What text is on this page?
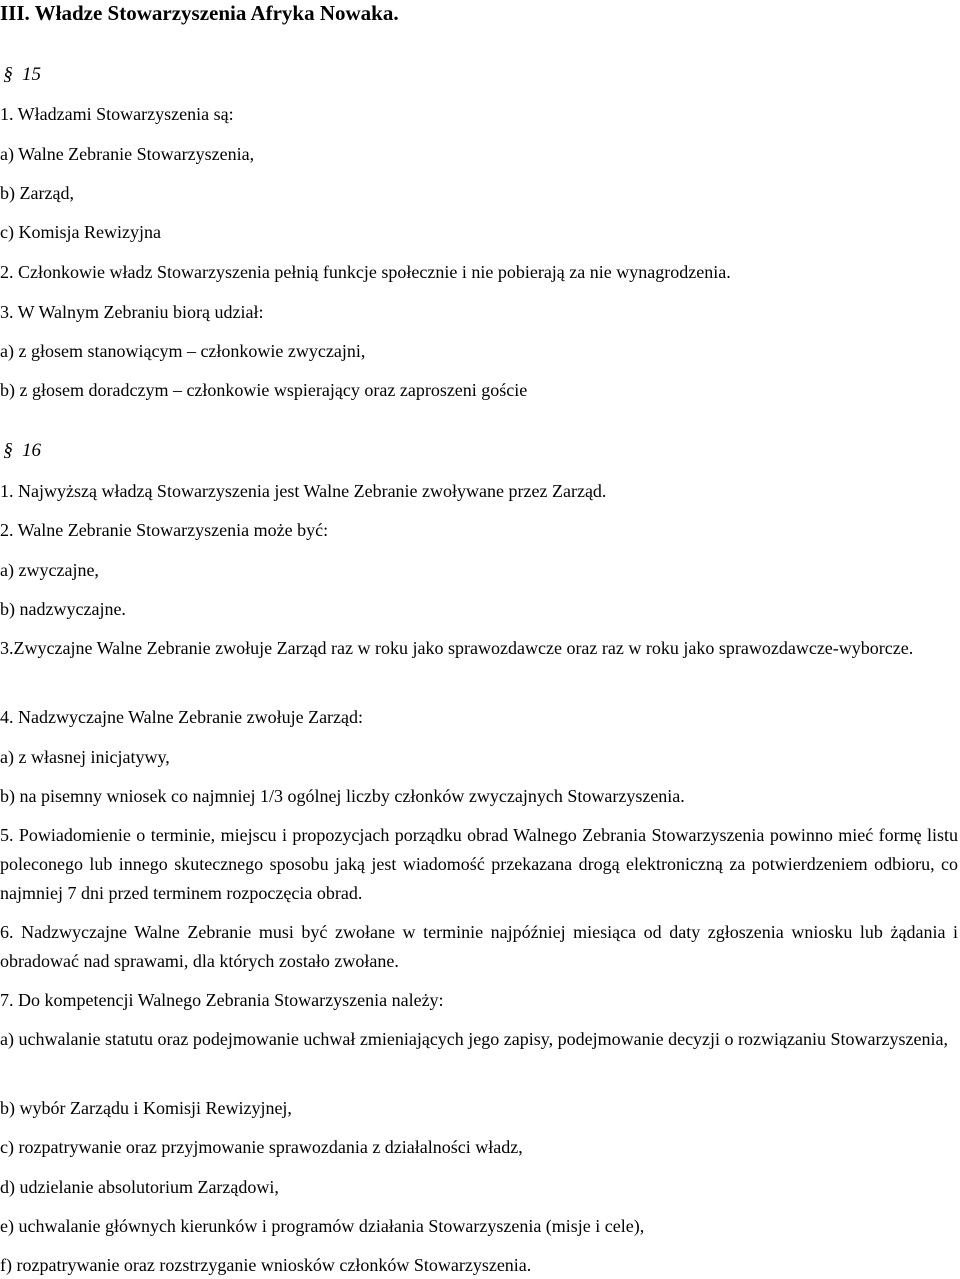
III. Władze Stowarzyszenia Afryka Nowaka.
§ 15
1. Władzami Stowarzyszenia są:
a) Walne Zebranie Stowarzyszenia,
b) Zarząd,
c) Komisja Rewizyjna
2. Członkowie władz Stowarzyszenia pełnią funkcje społecznie i nie pobierają za nie wynagrodzenia.
3. W Walnym Zebraniu biorą udział:
a) z głosem stanowiącym – członkowie zwyczajni,
b) z głosem doradczym – członkowie wspierający oraz zaproszeni goście
§ 16
1. Najwyższą władzą Stowarzyszenia jest Walne Zebranie zwoływane przez Zarząd.
2. Walne Zebranie Stowarzyszenia może być:
a) zwyczajne,
b) nadzwyczajne.
3.Zwyczajne Walne Zebranie zwołuje Zarząd raz w roku jako sprawozdawcze oraz raz w roku jako sprawozdawcze-wyborcze.
4. Nadzwyczajne Walne Zebranie zwołuje Zarząd:
a) z własnej inicjatywy,
b) na pisemny wniosek co najmniej 1/3 ogólnej liczby członków zwyczajnych Stowarzyszenia.
5. Powiadomienie o terminie, miejscu i propozycjach porządku obrad Walnego Zebrania Stowarzyszenia powinno mieć formę listu poleconego lub innego skutecznego sposobu jaką jest wiadomość przekazana drogą elektroniczną za potwierdzeniem odbioru, co najmniej 7 dni przed terminem rozpoczęcia obrad.
6. Nadzwyczajne Walne Zebranie musi być zwołane w terminie najpóźniej miesiąca od daty zgłoszenia wniosku lub żądania i obradować nad sprawami, dla których zostało zwołane.
7. Do kompetencji Walnego Zebrania Stowarzyszenia należy:
a) uchwalanie statutu oraz podejmowanie uchwał zmieniających jego zapisy, podejmowanie decyzji o rozwiązaniu Stowarzyszenia,
b) wybór Zarządu i Komisji Rewizyjnej,
c) rozpatrywanie oraz przyjmowanie sprawozdania z działalności władz,
d) udzielanie absolutorium Zarządowi,
e) uchwalanie głównych kierunków i programów działania Stowarzyszenia (misje i cele),
f) rozpatrywanie oraz rozstrzyganie wniosków członków Stowarzyszenia.
